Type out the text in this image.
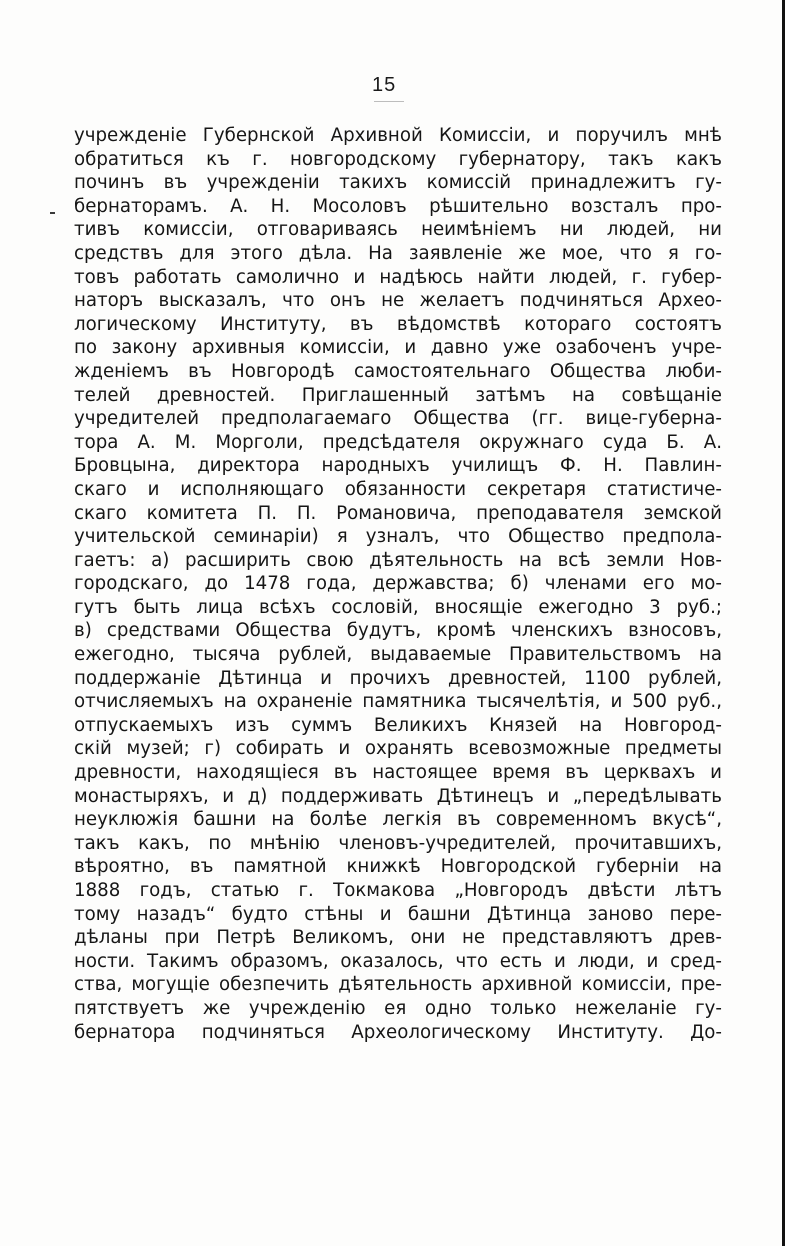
15
учрежденіе Губернской Архивной Комиссіи, и поручилъ мнѣ
обратиться къ г. новгородскому губернатору, такъ какъ
починъ въ учрежденіи такихъ комиссій принадлежитъ гу-
бернаторамъ. А. Н. Мосоловъ рѣшительно возсталъ про-
тивъ комиссіи, отговариваясь неимѣніемъ ни людей, ни
средствъ для этого дѣла. На заявленіе же мое, что я го-
товъ работать самолично и надѣюсь найти людей, г. губер-
наторъ высказалъ, что онъ не желаетъ подчиняться Архео-
логическому Институту, въ вѣдомствѣ котораго состоятъ
по закону архивныя комиссіи, и давно уже озабоченъ учре-
жденіемъ въ Новгородѣ самостоятельнаго Общества люби-
телей древностей. Приглашенный затѣмъ на совѣщаніе
учредителей предполагаемаго Общества (гг. вице-губерна-
тора А. М. Морголи, предсѣдателя окружнаго суда Б. А.
Бровцына, директора народныхъ училищъ Ф. Н. Павлин-
скаго и исполняющаго обязанности секретаря статистиче-
скаго комитета П. П. Романовича, преподавателя земской
учительской семинаріи) я узналъ, что Общество предпола-
гаетъ: а) расширить свою дѣятельность на всѣ земли Нов-
городскаго, до 1478 года, державства; б) членами его мо-
гутъ быть лица всѣхъ сословій, вносящіе ежегодно 3 руб.;
в) средствами Общества будутъ, кромѣ членскихъ взносовъ,
ежегодно, тысяча рублей, выдаваемые Правительствомъ на
поддержаніе Дѣтинца и прочихъ древностей, 1100 рублей,
отчисляемыхъ на охраненіе памятника тысячелѣтія, и 500 руб.,
отпускаемыхъ изъ суммъ Великихъ Князей на Новгород-
скій музей; г) собирать и охранять всевозможные предметы
древности, находящіеся въ настоящее время въ церквахъ и
монастыряхъ, и д) поддерживать Дѣтинецъ и „передѣлывать
неуклюжія башни на болѣе легкія въ современномъ вкусѣ“,
такъ какъ, по мнѣнію членовъ-учредителей, прочитавшихъ,
вѣроятно, въ памятной книжкѣ Новгородской губерніи на
1888 годъ, статью г. Токмакова „Новгородъ двѣсти лѣтъ
тому назадъ“ будто стѣны и башни Дѣтинца заново пере-
дѣланы при Петрѣ Великомъ, они не представляютъ древ-
ности. Такимъ образомъ, оказалось, что есть и люди, и сред-
ства, могущіе обезпечить дѣятельность архивной комиссіи, пре-
пятствуетъ же учрежденію ея одно только нежеланіе гу-
бернатора подчиняться Археологическому Институту. До-
